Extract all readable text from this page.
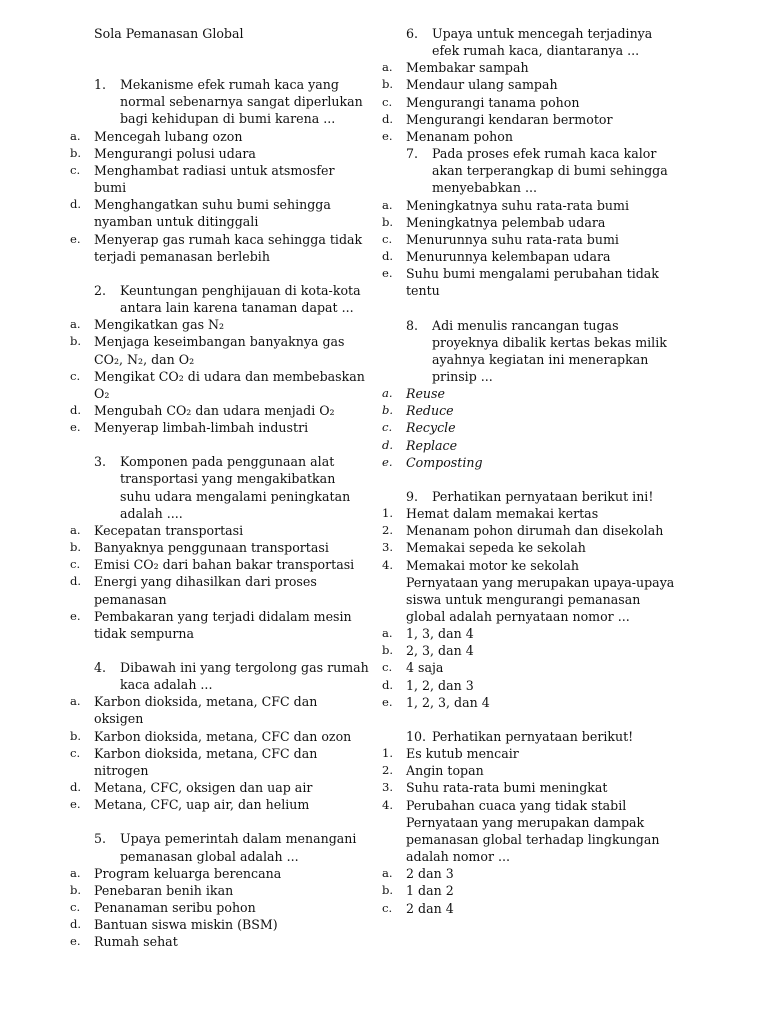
Sola Pemanasan Global
1.	Mekanisme efek rumah kaca yang normal sebenarnya sangat diperlukan bagi kehidupan di bumi karena ...
a.	Mencegah lubang ozon
b.	Mengurangi polusi udara
c.	Menghambat radiasi untuk atsmosfer bumi
d.	Menghangatkan suhu bumi sehingga nyamban untuk ditinggali
e.	Menyerap gas rumah kaca sehingga tidak terjadi pemanasan berlebih
2.	Keuntungan penghijauan di kota-kota antara lain karena tanaman dapat ...
a.	Mengikatkan gas N₂
b.	Menjaga keseimbangan banyaknya gas CO₂, N₂, dan O₂
c.	Mengikat CO₂ di udara dan membebaskan O₂
d.	Mengubah CO₂ dan udara menjadi O₂
e.	Menyerap limbah-limbah industri
3.	Komponen pada penggunaan alat transportasi yang mengakibatkan suhu udara mengalami peningkatan adalah ....
a.	Kecepatan transportasi
b.	Banyaknya penggunaan transportasi
c.	Emisi CO₂ dari bahan bakar transportasi
d.	Energi yang dihasilkan dari proses pemanasan
e.	Pembakaran yang terjadi didalam mesin tidak sempurna
4.	Dibawah ini yang tergolong gas rumah kaca adalah ...
a.	Karbon dioksida, metana, CFC dan oksigen
b.	Karbon dioksida, metana, CFC dan ozon
c.	Karbon dioksida, metana, CFC dan nitrogen
d.	Metana, CFC, oksigen dan uap air
e.	Metana, CFC, uap air, dan helium
5.	Upaya pemerintah dalam menangani pemanasan global adalah ...
a.	Program keluarga berencana
b.	Penebaran benih ikan
c.	Penanaman seribu pohon
d.	Bantuan siswa miskin (BSM)
e.	Rumah sehat
6.	Upaya untuk mencegah terjadinya efek rumah kaca, diantaranya ...
a.	Membakar sampah
b.	Mendaur ulang sampah
c.	Mengurangi tanama pohon
d.	Mengurangi kendaran bermotor
e.	Menanam pohon
7.	Pada proses efek rumah kaca kalor akan terperangkap di bumi sehingga menyebabkan ...
a.	Meningkatnya suhu rata-rata bumi
b.	Meningkatnya pelembab udara
c.	Menurunnya suhu rata-rata bumi
d.	Menurunnya kelembapan udara
e.	Suhu bumi mengalami perubahan tidak tentu
8.	Adi menulis rancangan tugas proyeknya dibalik kertas bekas milik ayahnya kegiatan ini menerapkan prinsip ...
a.	Reuse
b.	Reduce
c.	Recycle
d.	Replace
e.	Composting
9.	Perhatikan pernyataan berikut ini!
1.	Hemat dalam memakai kertas
2.	Menanam pohon dirumah dan disekolah
3.	Memakai sepeda ke sekolah
4.	Memakai motor ke sekolah
Pernyataan yang merupakan upaya-upaya siswa untuk mengurangi pemanasan global adalah pernyataan nomor ...
a.	1, 3, dan 4
b.	2, 3, dan 4
c.	4 saja
d.	1, 2, dan 3
e.	1, 2, 3, dan 4
10. Perhatikan pernyataan berikut!
1.	Es kutub mencair
2.	Angin topan
3.	Suhu rata-rata bumi meningkat
4.	Perubahan cuaca yang tidak stabil
Pernyataan yang merupakan dampak pemanasan global terhadap lingkungan adalah nomor ...
a.	2 dan 3
b.	1 dan 2
c.	2 dan 4
